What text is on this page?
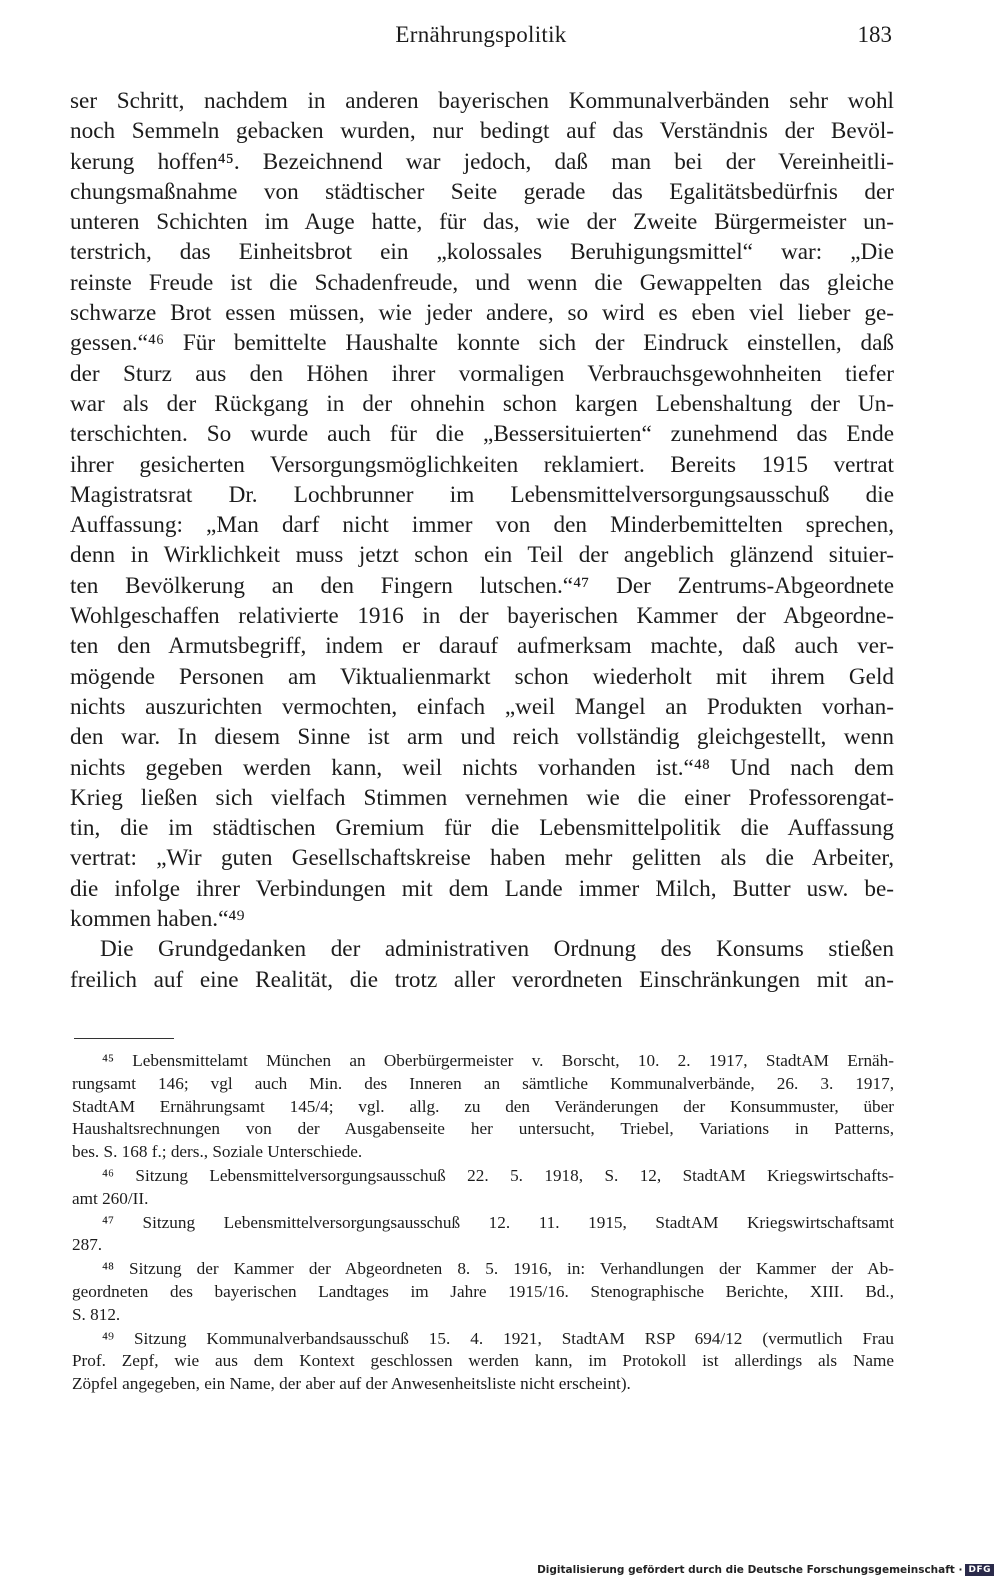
Ernährungspolitik	183
ser Schritt, nachdem in anderen bayerischen Kommunalverbänden sehr wohl
noch Semmeln gebacken wurden, nur bedingt auf das Verständnis der Bevöl-
kerung hoffen⁴⁵. Bezeichnend war jedoch, daß man bei der Vereinheitli-
chungsmaßnahme von städtischer Seite gerade das Egalitätsbedürfnis der
unteren Schichten im Auge hatte, für das, wie der Zweite Bürgermeister un-
terstrich, das Einheitsbrot ein „kolossales Beruhigungsmittel“ war: „Die
reinste Freude ist die Schadenfreude, und wenn die Gewappelten das gleiche
schwarze Brot essen müssen, wie jeder andere, so wird es eben viel lieber ge-
gessen.“⁴⁶ Für bemittelte Haushalte konnte sich der Eindruck einstellen, daß
der Sturz aus den Höhen ihrer vormaligen Verbrauchsgewohnheiten tiefer
war als der Rückgang in der ohnehin schon kargen Lebenshaltung der Un-
terschichten. So wurde auch für die „Bessersituierten“ zunehmend das Ende
ihrer gesicherten Versorgungsmöglichkeiten reklamiert. Bereits 1915 vertrat
Magistratsrat Dr. Lochbrunner im Lebensmittelversorgungsausschuß die
Auffassung: „Man darf nicht immer von den Minderbemittelten sprechen,
denn in Wirklichkeit muss jetzt schon ein Teil der angeblich glänzend situier-
ten Bevölkerung an den Fingern lutschen.“⁴⁷ Der Zentrums-Abgeordnete
Wohlgeschaffen relativierte 1916 in der bayerischen Kammer der Abgeordne-
ten den Armutsbegriff, indem er darauf aufmerksam machte, daß auch ver-
mögende Personen am Viktualienmarkt schon wiederholt mit ihrem Geld
nichts auszurichten vermochten, einfach „weil Mangel an Produkten vorhan-
den war. In diesem Sinne ist arm und reich vollständig gleichgestellt, wenn
nichts gegeben werden kann, weil nichts vorhanden ist.“⁴⁸ Und nach dem
Krieg ließen sich vielfach Stimmen vernehmen wie die einer Professorengat-
tin, die im städtischen Gremium für die Lebensmittelpolitik die Auffassung
vertrat: „Wir guten Gesellschaftskreise haben mehr gelitten als die Arbeiter,
die infolge ihrer Verbindungen mit dem Lande immer Milch, Butter usw. be-
kommen haben.“⁴⁹
Die Grundgedanken der administrativen Ordnung des Konsums stießen
freilich auf eine Realität, die trotz aller verordneten Einschränkungen mit an-
⁴⁵ Lebensmittelamt München an Oberbürgermeister v. Borscht, 10. 2. 1917, StadtAM Ernäh-
rungsamt 146; vgl auch Min. des Inneren an sämtliche Kommunalverbände, 26. 3. 1917,
StadtAM Ernährungsamt 145/4; vgl. allg. zu den Veränderungen der Konsummuster, über
Haushaltsrechnungen von der Ausgabenseite her untersucht, Triebel, Variations in Patterns,
bes. S. 168 f.; ders., Soziale Unterschiede.
⁴⁶ Sitzung Lebensmittelversorgungsausschuß 22. 5. 1918, S. 12, StadtAM Kriegswirtschafts-
amt 260/II.
⁴⁷ Sitzung Lebensmittelversorgungsausschuß 12. 11. 1915, StadtAM Kriegswirtschaftsamt
287.
⁴⁸ Sitzung der Kammer der Abgeordneten 8. 5. 1916, in: Verhandlungen der Kammer der Ab-
geordneten des bayerischen Landtages im Jahre 1915/16. Stenographische Berichte, XIII. Bd.,
S. 812.
⁴⁹ Sitzung Kommunalverbandsausschuß 15. 4. 1921, StadtAM RSP 694/12 (vermutlich Frau
Prof. Zepf, wie aus dem Kontext geschlossen werden kann, im Protokoll ist allerdings als Name
Zöpfel angegeben, ein Name, der aber auf der Anwesenheitsliste nicht erscheint).
Digitalisierung gefördert durch die Deutsche Forschungsgemeinschaft · DFG
